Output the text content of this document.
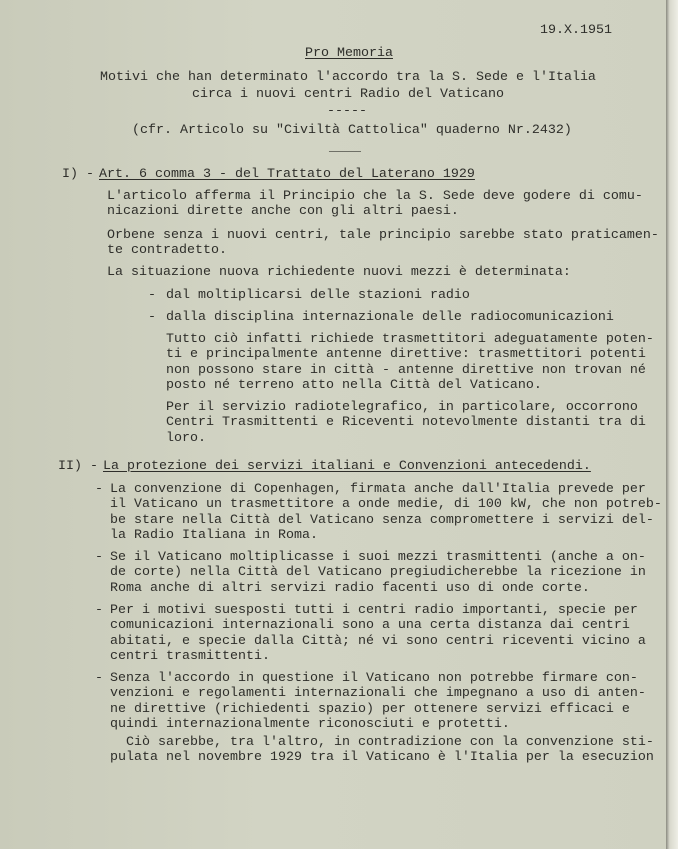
19.X.1951
Pro Memoria
Motivi che han determinato l'accordo tra la S. Sede e l'Italia
circa i nuovi centri Radio del Vaticano
-----
(cfr. Articolo su "Civiltà Cattolica" quaderno Nr.2432)
____
I) - Art. 6 comma 3 - del Trattato del Laterano 1929
L'articolo afferma il Principio che la S. Sede deve godere di comu-
nicazioni dirette anche con gli altri paesi.
Orbene senza i nuovi centri, tale principio sarebbe stato praticamen-
te contradetto.
La situazione nuova richiedente nuovi mezzi è determinata:
- dal moltiplicarsi delle stazioni radio
- dalla disciplina internazionale delle radiocomunicazioni
Tutto ciò infatti richiede trasmettitori adeguatamente poten-
ti e principalmente antenne direttive: trasmettitori potenti
non possono stare in città - antenne direttive non trovan né
posto né terreno atto nella Città del Vaticano.
Per il servizio radiotelegrafico, in particolare, occorrono
Centri Trasmittenti e Riceventi notevolmente distanti tra di
loro.
II) - La protezione dei servizi italiani e Convenzioni antecedendi.
- La convenzione di Copenhagen, firmata anche dall'Italia prevede per
il Vaticano un trasmettitore a onde medie, di 100 kW, che non potreb-
be stare nella Città del Vaticano senza compromettere i servizi del-
la Radio Italiana in Roma.
- Se il Vaticano moltiplicasse i suoi mezzi trasmittenti (anche a on-
de corte) nella Città del Vaticano pregiudicherebbe la ricezione in
Roma anche di altri servizi radio facenti uso di onde corte.
- Per i motivi suesposti tutti i centri radio importanti, specie per
comunicazioni internazionali sono a una certa distanza dai centri
abitati, e specie dalla Città; né vi sono centri riceventi vicino a
centri trasmittenti.
- Senza l'accordo in questione il Vaticano non potrebbe firmare con-
venzioni e regolamenti internazionali che impegnano a uso di anten-
ne direttive (richiedenti spazio) per ottenere servizi efficaci e
quindi internazionalmente riconosciuti e protetti.
Ciò sarebbe, tra l'altro, in contradizione con la convenzione sti-
pulata nel novembre 1929 tra il Vaticano è l'Italia per la esecuzion
